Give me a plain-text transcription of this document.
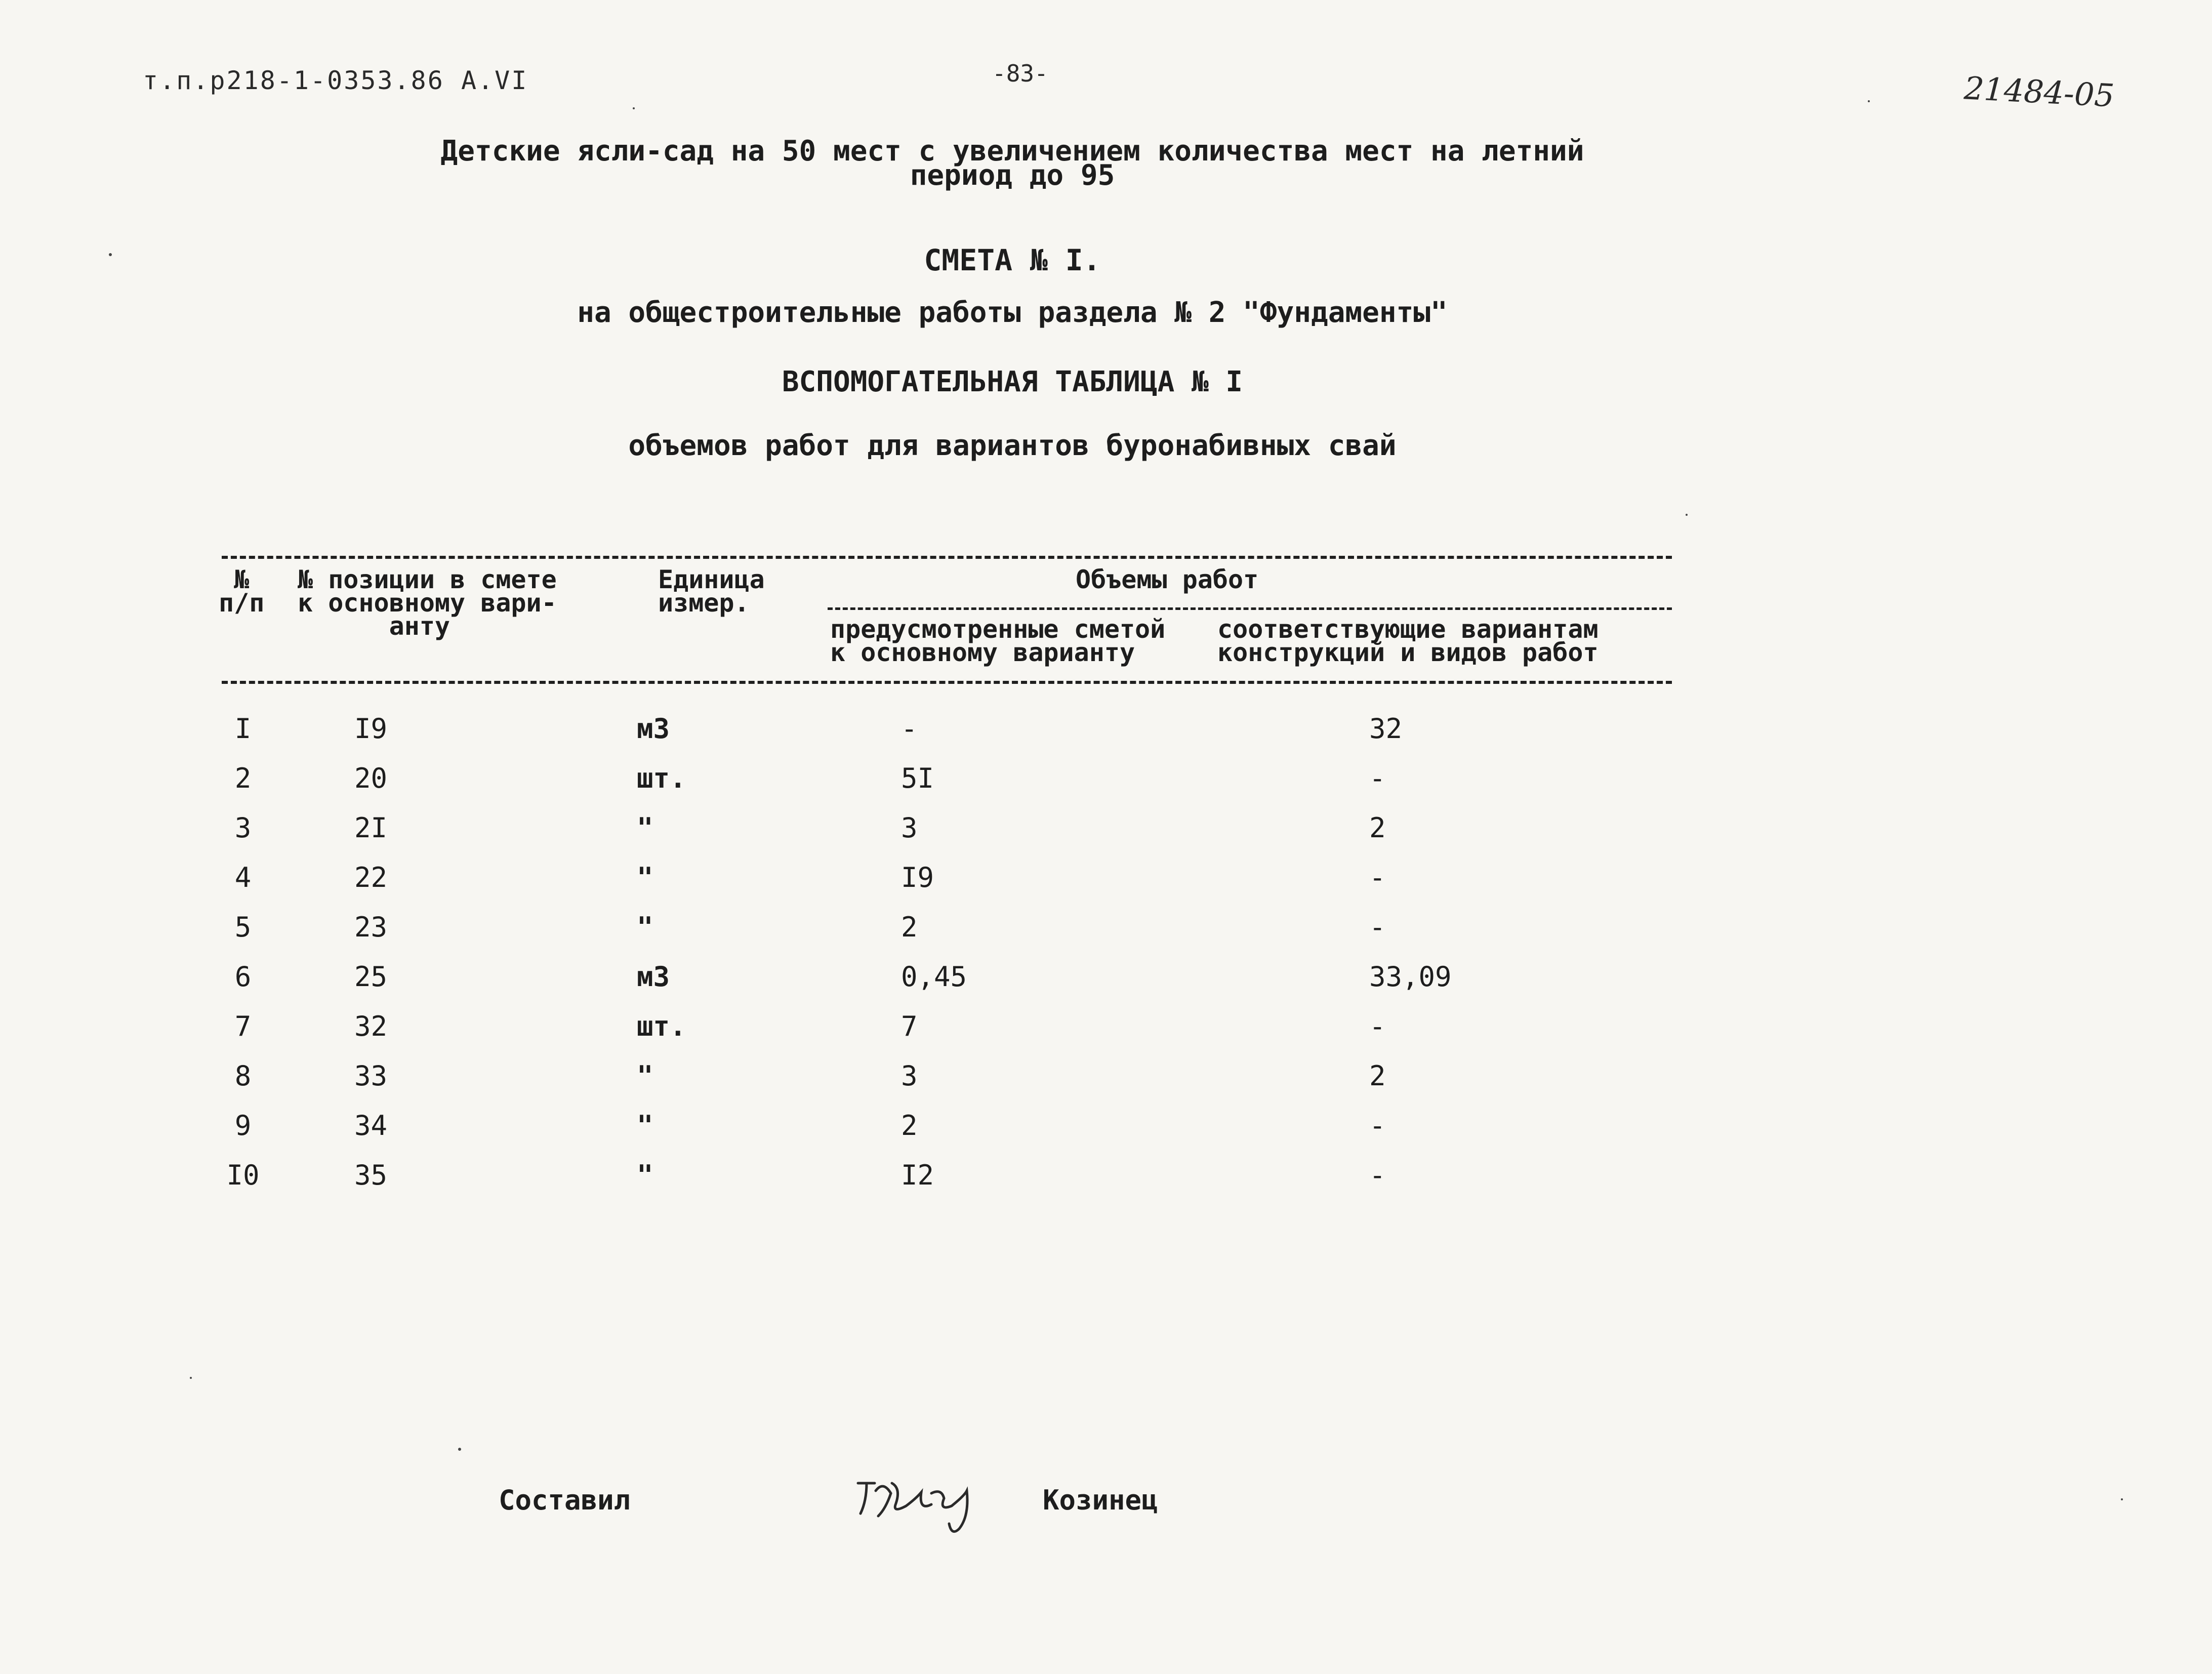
т.п.р218-1-0353.86 А.VI	-83-	21484-05
Детские ясли-сад на 50 мест с увеличением количества мест на летний
период до 95
СМЕТА № I.
на общестроительные работы раздела № 2 "Фундаменты"
ВСПОМОГАТЕЛЬНАЯ ТАБЛИЦА № I
объемов работ для вариантов буронабивных свай
№
п/п
№ позиции в смете
к основному вари-
анту
Единица
измер.
Объемы работ
предусмотренные сметой
к основному варианту
соответствующие вариантам
конструкций и видов работ
I	I9	м3	-	32
2	20	шт.	5I	-
3	2I	"	3	2
4	22	"	I9	-
5	23	"	2	-
6	25	м3	0,45	33,09
7	32	шт.	7	-
8	33	"	3	2
9	34	"	2	-
I0	35	"	I2	-
Составил	Козинец
